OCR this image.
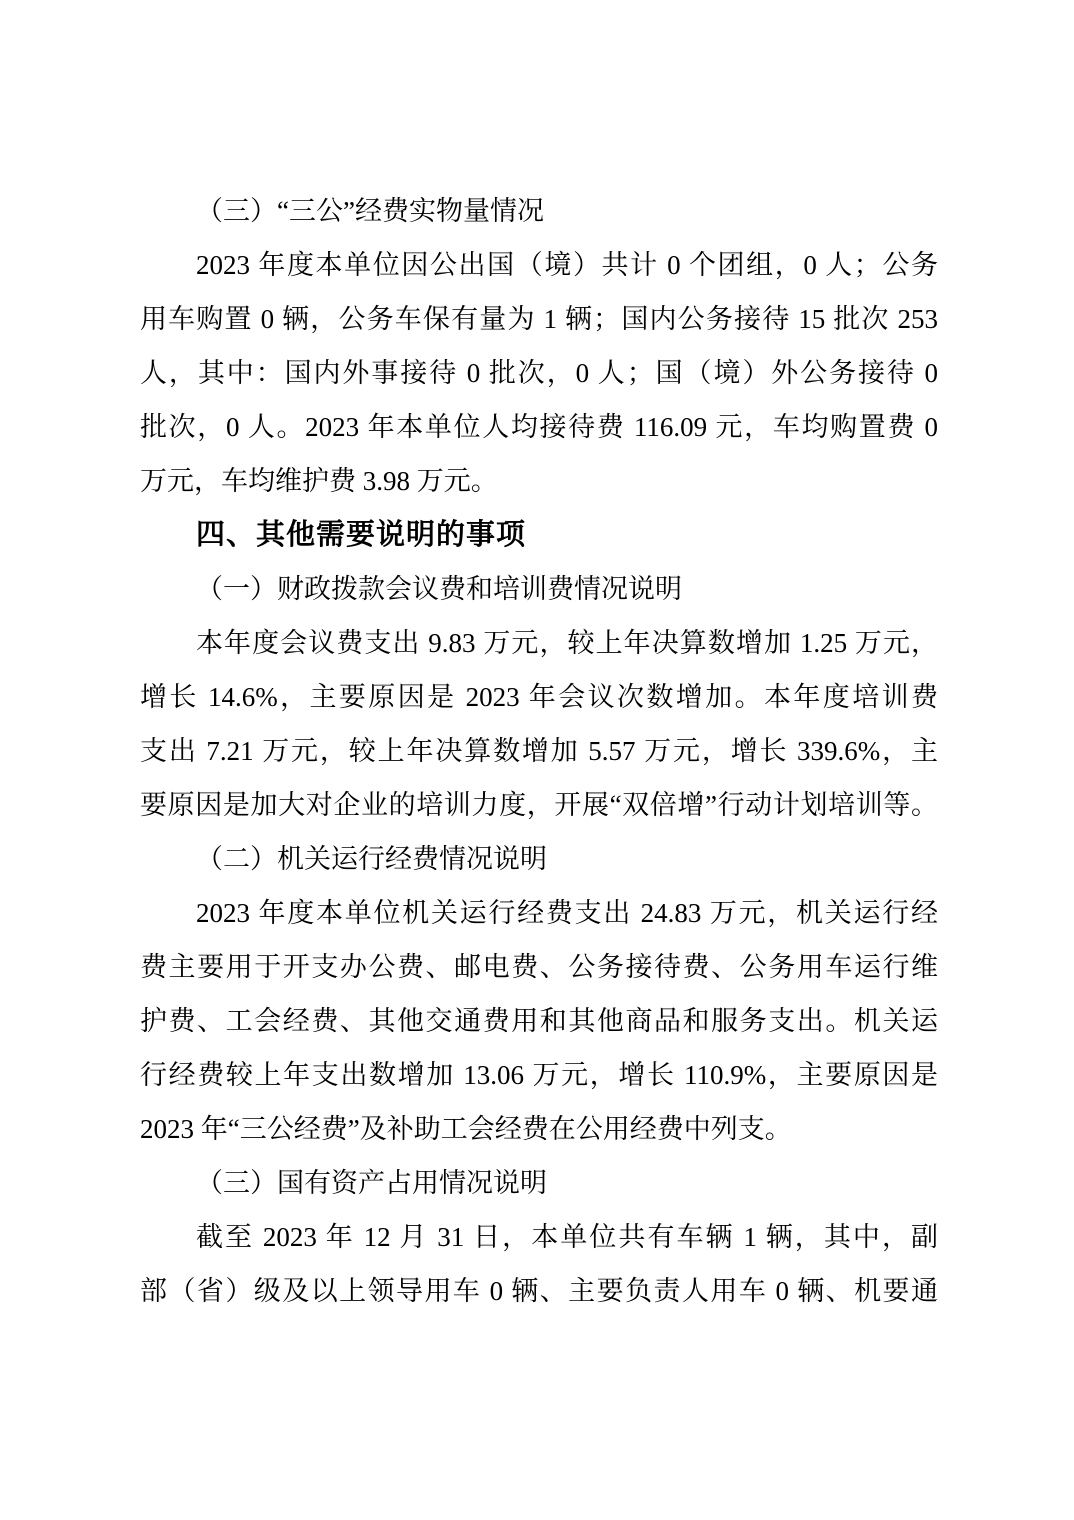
（三）“三公”经费实物量情况
2023 年度本单位因公出国（境）共计 0 个团组，0 人；公务
用车购置 0 辆，公务车保有量为 1 辆；国内公务接待 15 批次 253
人，其中：国内外事接待 0 批次，0 人；国（境）外公务接待 0
批次，0 人。2023 年本单位人均接待费 116.09 元，车均购置费 0
万元，车均维护费 3.98 万元。
四、其他需要说明的事项
（一）财政拨款会议费和培训费情况说明
本年度会议费支出 9.83 万元，较上年决算数增加 1.25 万元，
增长 14.6%，主要原因是 2023 年会议次数增加。本年度培训费
支出 7.21 万元，较上年决算数增加 5.57 万元，增长 339.6%，主
要原因是加大对企业的培训力度，开展“双倍增”行动计划培训等。
（二）机关运行经费情况说明
2023 年度本单位机关运行经费支出 24.83 万元，机关运行经
费主要用于开支办公费、邮电费、公务接待费、公务用车运行维
护费、工会经费、其他交通费用和其他商品和服务支出。机关运
行经费较上年支出数增加 13.06 万元，增长 110.9%，主要原因是
2023 年“三公经费”及补助工会经费在公用经费中列支。
（三）国有资产占用情况说明
截至 2023 年 12 月 31 日，本单位共有车辆 1 辆，其中，副
部（省）级及以上领导用车 0 辆、主要负责人用车 0 辆、机要通
